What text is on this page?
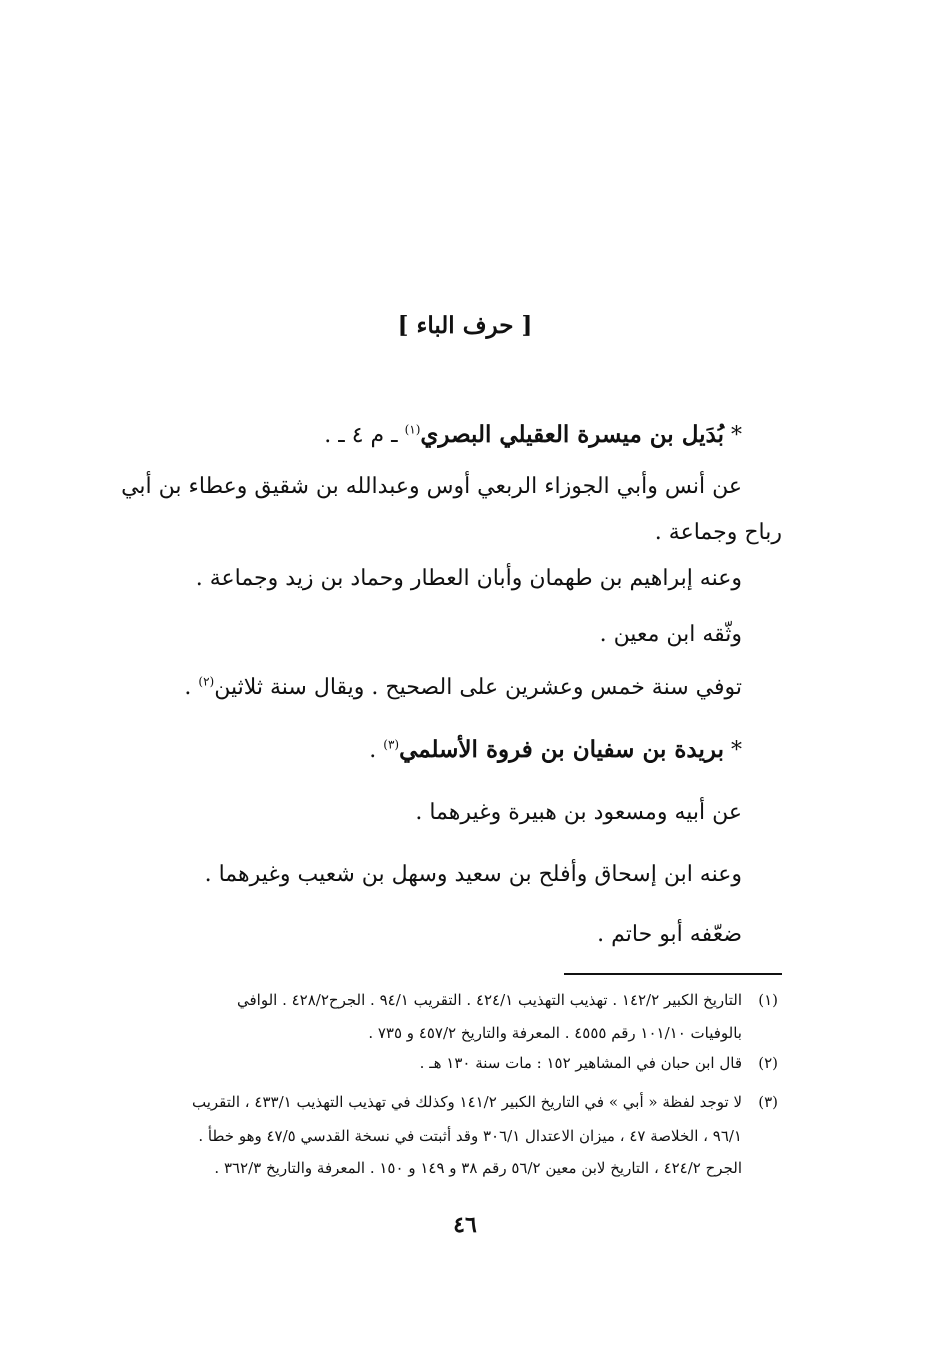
[ حرف الباء ]
* بُدَيل بن ميسرة العقيلي البصري$^{(١)}$ ـ م ٤ ـ .
عن أنس وأبي الجوزاء الربعي أوس وعبدالله بن شقيق وعطاء بن أبي
رباح وجماعة .
وعنه إبراهيم بن طهمان وأبان العطار وحماد بن زيد وجماعة .
وثّقه ابن معين .
توفي سنة خمس وعشرين على الصحيح . ويقال سنة ثلاثين$^{(٢)}$ .
* بريدة بن سفيان بن فروة الأسلمي$^{(٣)}$ .
عن أبيه ومسعود بن هبيرة وغيرهما .
وعنه ابن إسحاق وأفلح بن سعيد وسهل بن شعيب وغيرهما .
ضعّفه أبو حاتم .
(١)التاريخ الكبير ١٤٢/٢ . تهذيب التهذيب ٤٢٤/١ . التقريب ٩٤/١ . الجرح٤٢٨/٢ . الوافي
بالوفيات ١٠١/١٠ رقم ٤٥٥٥ . المعرفة والتاريخ ٤٥٧/٢ و ٧٣٥ .
(٢)قال ابن حبان في المشاهير ١٥٢ : مات سنة ١٣٠ هـ .
(٣)لا توجد لفظة « أبي » في التاريخ الكبير ١٤١/٢ وكذلك في تهذيب التهذيب ٤٣٣/١ ، التقريب
٩٦/١ ، الخلاصة ٤٧ ، ميزان الاعتدال ٣٠٦/١ وقد أثبتت في نسخة القدسي ٤٧/٥ وهو خطأ .
الجرح ٤٢٤/٢ ، التاريخ لابن معين ٥٦/٢ رقم ٣٨ و ١٤٩ و ١٥٠ . المعرفة والتاريخ ٣٦٢/٣ .
٤٦
